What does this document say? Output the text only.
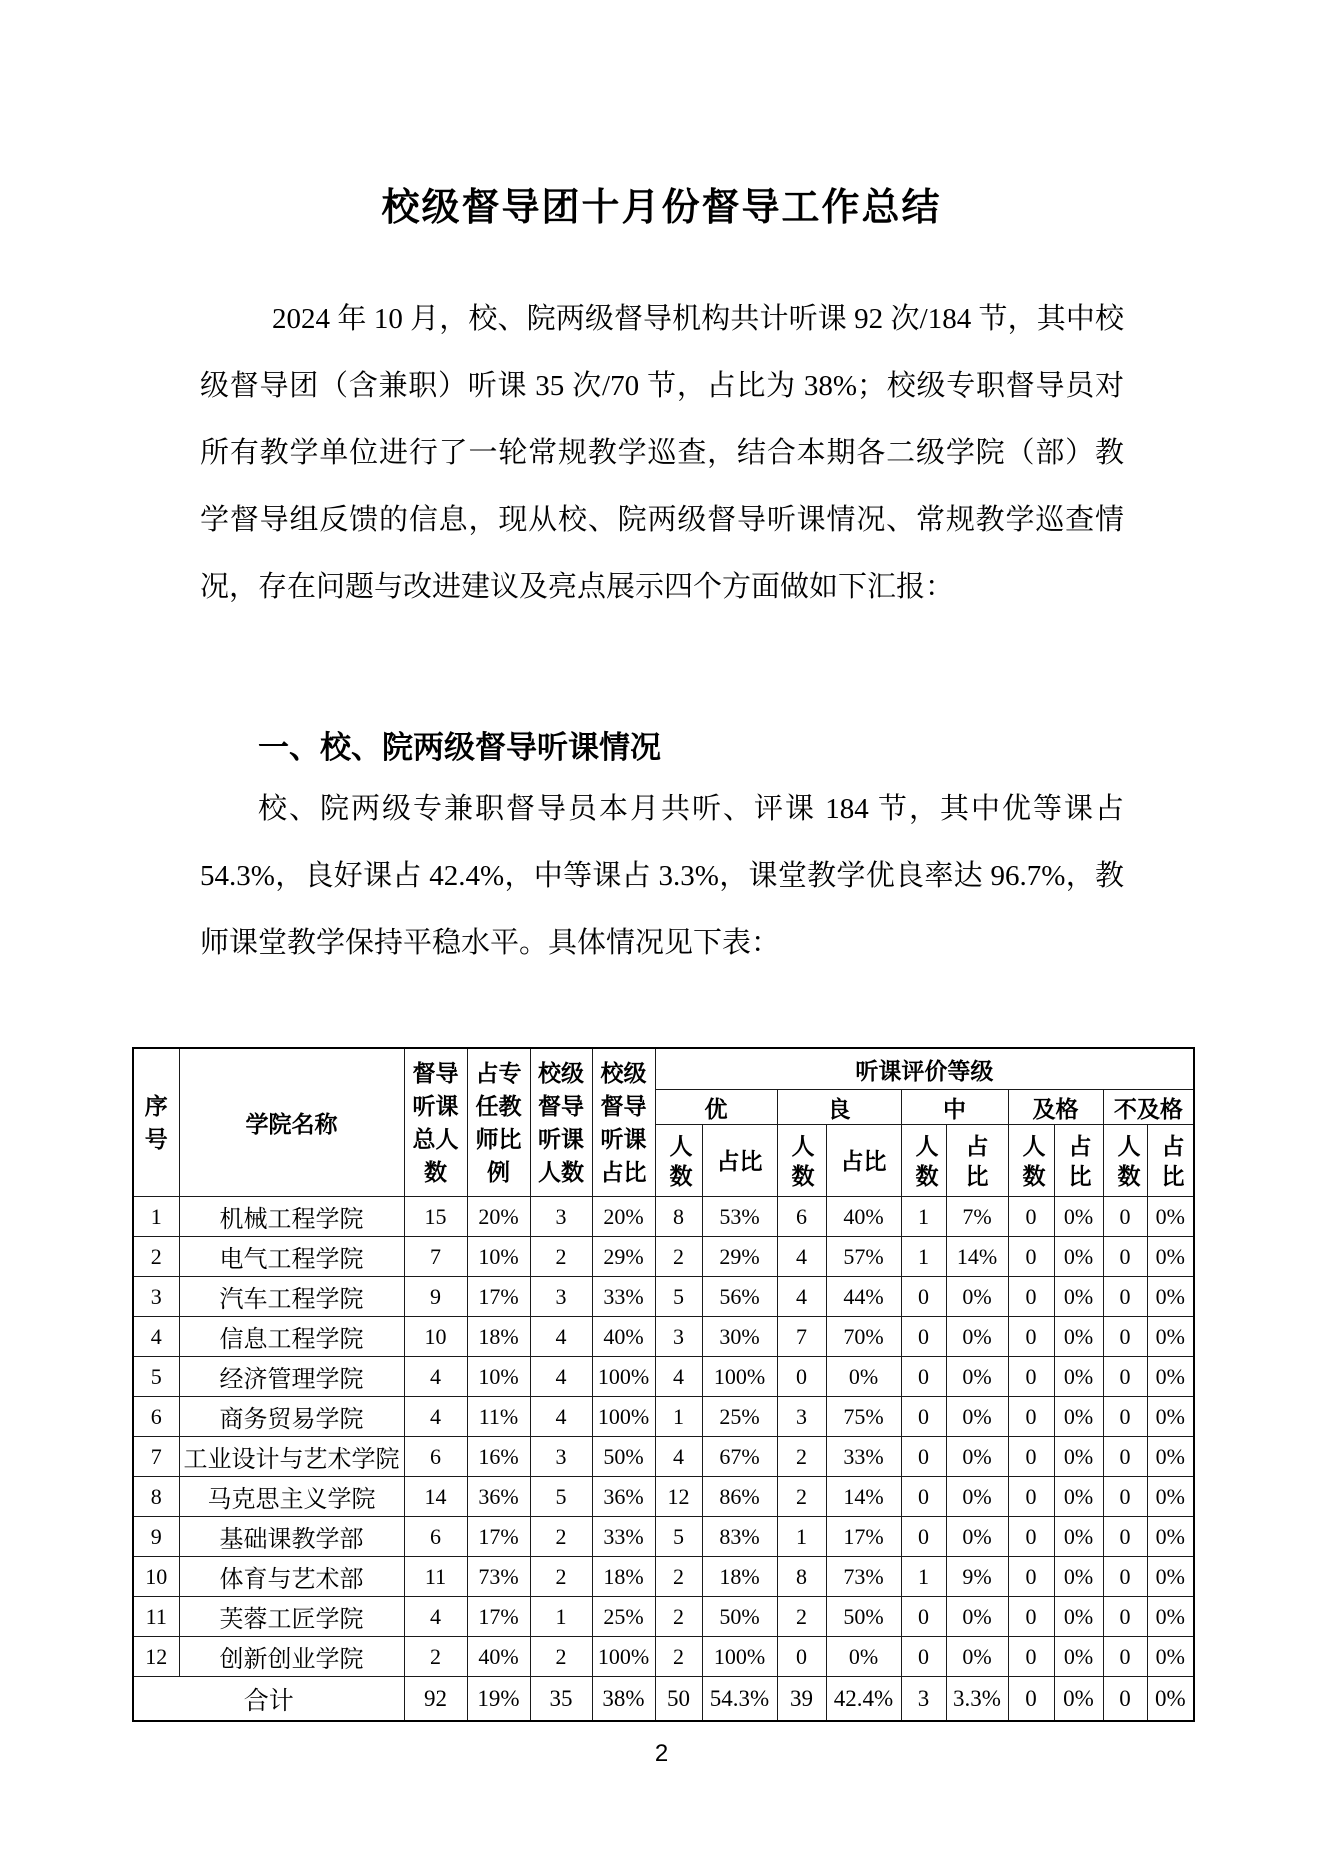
校级督导团十月份督导工作总结
2024 年 10 月，校、院两级督导机构共计听课 92 次/184 节，其中校级督导团（含兼职）听课 35 次/70 节，占比为 38%；校级专职督导员对所有教学单位进行了一轮常规教学巡查，结合本期各二级学院（部）教学督导组反馈的信息，现从校、院两级督导听课情况、常规教学巡查情况，存在问题与改进建议及亮点展示四个方面做如下汇报：
一、校、院两级督导听课情况
校、院两级专兼职督导员本月共听、评课 184 节，其中优等课占 54.3%，良好课占 42.4%，中等课占 3.3%，课堂教学优良率达 96.7%，教师课堂教学保持平稳水平。具体情况见下表：
序号	学院名称	督导听课总人数	占专任教师比例	校级督导听课人数	校级督导听课占比	听课评价等级									
						优		良		中		及格		不及格	
						人数	占比	人数	占比	人数	占比	人数	占比	人数	占比
1	机械工程学院	15	20%	3	20%	8	53%	6	40%	1	7%	0	0%	0	0%
2	电气工程学院	7	10%	2	29%	2	29%	4	57%	1	14%	0	0%	0	0%
3	汽车工程学院	9	17%	3	33%	5	56%	4	44%	0	0%	0	0%	0	0%
4	信息工程学院	10	18%	4	40%	3	30%	7	70%	0	0%	0	0%	0	0%
5	经济管理学院	4	10%	4	100%	4	100%	0	0%	0	0%	0	0%	0	0%
6	商务贸易学院	4	11%	4	100%	1	25%	3	75%	0	0%	0	0%	0	0%
7	工业设计与艺术学院	6	16%	3	50%	4	67%	2	33%	0	0%	0	0%	0	0%
8	马克思主义学院	14	36%	5	36%	12	86%	2	14%	0	0%	0	0%	0	0%
9	基础课教学部	6	17%	2	33%	5	83%	1	17%	0	0%	0	0%	0	0%
10	体育与艺术部	11	73%	2	18%	2	18%	8	73%	1	9%	0	0%	0	0%
11	芙蓉工匠学院	4	17%	1	25%	2	50%	2	50%	0	0%	0	0%	0	0%
12	创新创业学院	2	40%	2	100%	2	100%	0	0%	0	0%	0	0%	0	0%
合计		92	19%	35	38%	50	54.3%	39	42.4%	3	3.3%	0	0%	0	0%
2
